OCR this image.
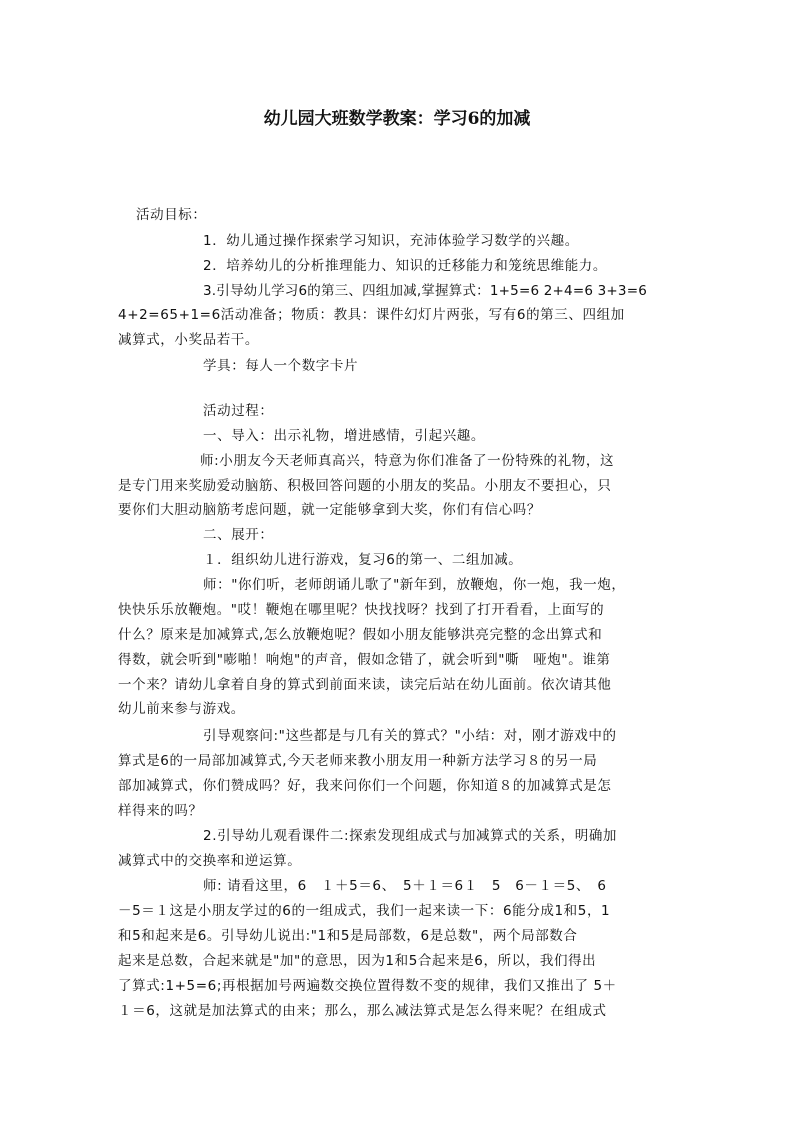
幼儿园大班数学教案：学习6的加减
活动目标：
1．幼儿通过操作探索学习知识，充沛体验学习数学的兴趣。
2．培养幼儿的分析推理能力、知识的迁移能力和笼统思维能力。
3.引导幼儿学习6的第三、四组加减,掌握算式：1+5=6 2+4=6 3+3=6
4+2=65+1=6活动准备；物质：教具：课件幻灯片两张，写有6的第三、四组加
减算式，小奖品若干。
学具：每人一个数字卡片
活动过程：
一、导入：出示礼物，增进感情，引起兴趣。
师:小朋友今天老师真高兴，特意为你们准备了一份特殊的礼物，这
是专门用来奖励爱动脑筋、积极回答问题的小朋友的奖品。小朋友不要担心，只
要你们大胆动脑筋考虑问题，就一定能够拿到大奖，你们有信心吗？
二、展开：
１．组织幼儿进行游戏，复习6的第一、二组加减。
师："你们听，老师朗诵儿歌了"新年到，放鞭炮，你一炮，我一炮，
快快乐乐放鞭炮。"哎！鞭炮在哪里呢？快找找呀？找到了打开看看，上面写的
什么？原来是加减算式,怎么放鞭炮呢？假如小朋友能够洪亮完整的念出算式和
得数，就会听到"嘭啪！响炮"的声音，假如念错了，就会听到"嘶　哑炮"。谁第
一个来？请幼儿拿着自身的算式到前面来读，读完后站在幼儿面前。依次请其他
幼儿前来参与游戏。
引导观察问:"这些都是与几有关的算式？"小结：对，刚才游戏中的
算式是6的一局部加减算式,今天老师来教小朋友用一种新方法学习８的另一局
部加减算式，你们赞成吗？好，我来问你们一个问题，你知道８的加减算式是怎
样得来的吗？
2.引导幼儿观看课件二:探索发现组成式与加减算式的关系，明确加
减算式中的交换率和逆运算。
师: 请看这里，6　１＋5＝6、　5＋１＝6１　5　6－１＝5、　6
－5＝１这是小朋友学过的6的一组成式，我们一起来读一下：6能分成1和5，1
和5和起来是6。引导幼儿说出:"1和5是局部数，6是总数"，两个局部数合
起来是总数，合起来就是"加"的意思，因为1和5合起来是6，所以，我们得出
了算式:1+5=6;再根据加号两遍数交换位置得数不变的规律，我们又推出了 5＋
１＝6，这就是加法算式的由来；那么，那么减法算式是怎么得来呢？在组成式
